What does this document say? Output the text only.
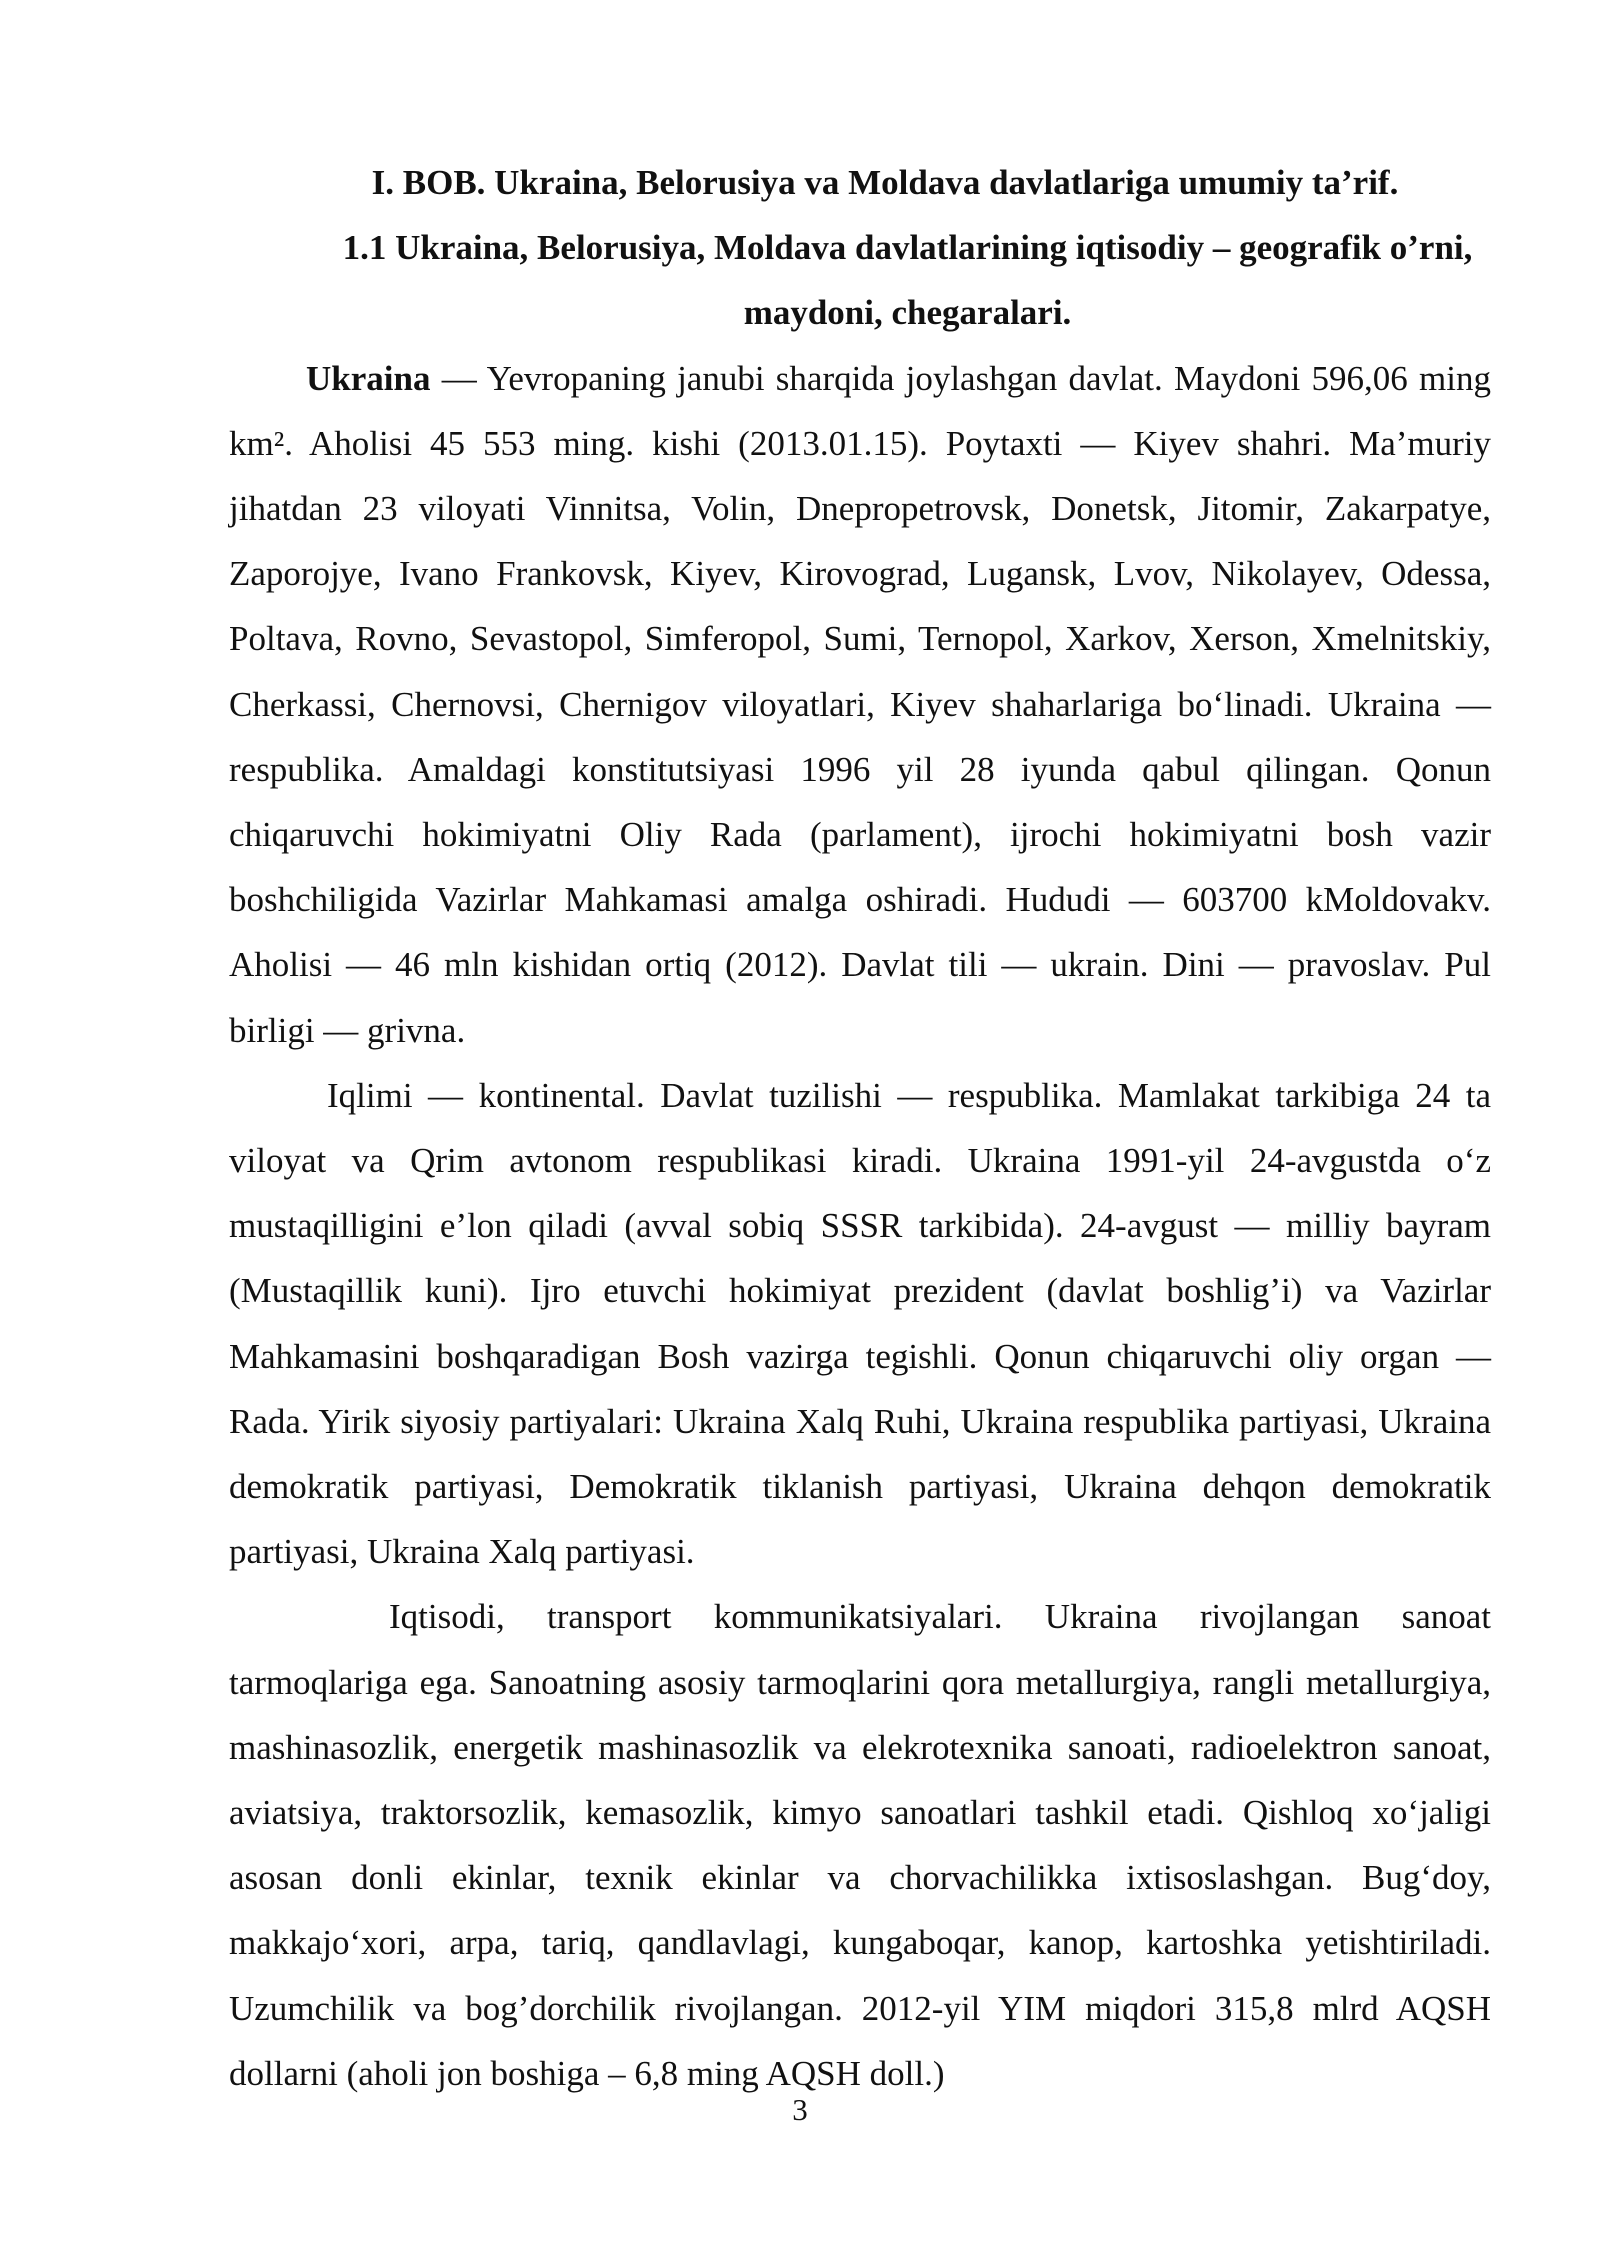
I. BOB. Ukraina, Belorusiya va Moldava davlatlariga umumiy ta’rif.

1.1 Ukraina, Belorusiya, Moldava davlatlarining iqtisodiy – geografik o’rni, maydoni, chegaralari.

Ukraina — Yevropaning janubi sharqida joylashgan davlat. Maydoni 596,06 ming km². Aholisi 45 553 ming. kishi (2013.01.15). Poytaxti — Kiyev shahri. Ma’muriy jihatdan 23 viloyati Vinnitsa, Volin, Dnepropetrovsk, Donetsk, Jitomir, Zakarpatye, Zaporojye, Ivano Frankovsk, Kiyev, Kirovograd, Lugansk, Lvov, Nikolayev, Odessa, Poltava, Rovno, Sevastopol, Simferopol, Sumi, Ternopol, Xarkov, Xerson, Xmelnitskiy, Cherkassi, Chernovsi, Chernigov viloyatlari, Kiyev shaharlariga bo‘linadi. Ukraina — respublika. Amaldagi konstitutsiyasi 1996 yil 28 iyunda qabul qilingan. Qonun chiqaruvchi hokimiyatni Oliy Rada (parlament), ijrochi hokimiyatni bosh vazir boshchiligida Vazirlar Mahkamasi amalga oshiradi. Hududi — 603700 kMoldovakv. Aholisi — 46 mln kishidan ortiq (2012). Davlat tili — ukrain. Dini — pravoslav. Pul birligi — grivna.

Iqlimi — kontinental. Davlat tuzilishi — respublika. Mamlakat tarkibiga 24 ta viloyat va Qrim avtonom respublikasi kiradi. Ukraina 1991-yil 24-avgustda o‘z mustaqilligini e’lon qiladi (avval sobiq SSSR tarkibida). 24-avgust — milliy bayram (Mustaqillik kuni). Ijro etuvchi hokimiyat prezident (davlat boshlig’i) va Vazirlar Mahkamasini boshqaradigan Bosh vazirga tegishli. Qonun chiqaruvchi oliy organ — Rada. Yirik siyosiy partiyalari: Ukraina Xalq Ruhi, Ukraina respublika partiyasi, Ukraina demokratik partiyasi, Demokratik tiklanish partiyasi, Ukraina dehqon demokratik partiyasi, Ukraina Xalq partiyasi.

Iqtisodi, transport kommunikatsiyalari. Ukraina rivojlangan sanoat tarmoqlariga ega. Sanoatning asosiy tarmoqlarini qora metallurgiya, rangli metallurgiya, mashinasozlik, energetik mashinasozlik va elekrotexnika sanoati, radioelektron sanoat, aviatsiya, traktorsozlik, kemasozlik, kimyo sanoatlari tashkil etadi. Qishloq xo‘jaligi asosan donli ekinlar, texnik ekinlar va chorvachilikka ixtisoslashgan. Bug‘doy, makkajo‘xori, arpa, tariq, qandlavlagi, kungaboqar, kanop, kartoshka yetishtiriladi. Uzumchilik va bog’dorchilik rivojlangan. 2012-yil YIM miqdori 315,8 mlrd AQSH dollarni (aholi jon boshiga – 6,8 ming AQSH doll.)

3
